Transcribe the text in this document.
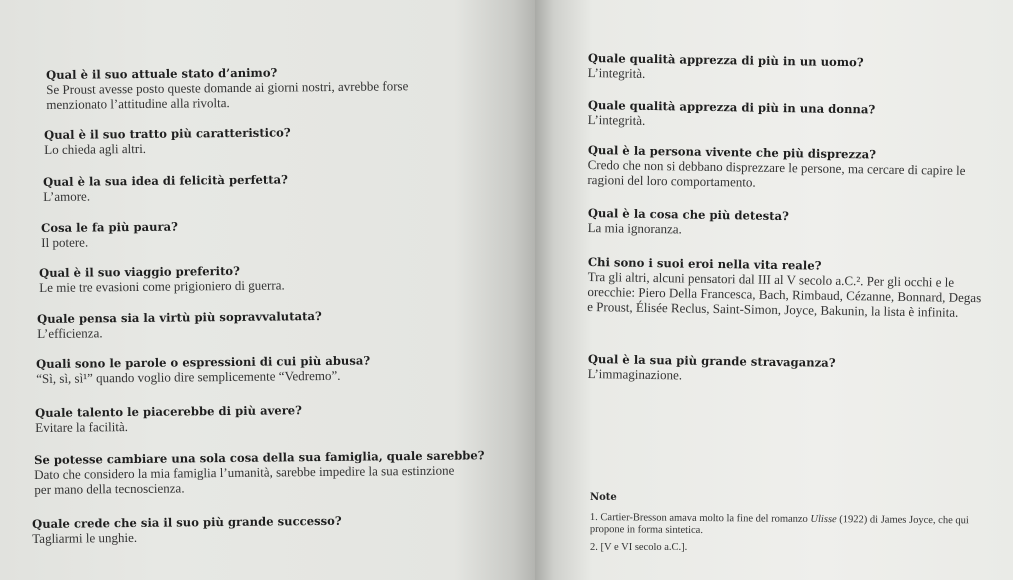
Qual è il suo attuale stato d’animo?
Se Proust avesse posto queste domande ai giorni nostri, avrebbe forse menzionato l’attitudine alla rivolta.
Qual è il suo tratto più caratteristico?
Lo chieda agli altri.
Qual è la sua idea di felicità perfetta?
L’amore.
Cosa le fa più paura?
Il potere.
Qual è il suo viaggio preferito?
Le mie tre evasioni come prigioniero di guerra.
Quale pensa sia la virtù più sopravvalutata?
L’efficienza.
Quali sono le parole o espressioni di cui più abusa?
“Sì, sì, sì¹” quando voglio dire semplicemente “Vedremo”.
Quale talento le piacerebbe di più avere?
Evitare la facilità.
Se potesse cambiare una sola cosa della sua famiglia, quale sarebbe?
Dato che considero la mia famiglia l’umanità, sarebbe impedire la sua estinzione per mano della tecnoscienza.
Quale crede che sia il suo più grande successo?
Tagliarmi le unghie.
Quale qualità apprezza di più in un uomo?
L’integrità.
Quale qualità apprezza di più in una donna?
L’integrità.
Qual è la persona vivente che più disprezza?
Credo che non si debbano disprezzare le persone, ma cercare di capire le ragioni del loro comportamento.
Qual è la cosa che più detesta?
La mia ignoranza.
Chi sono i suoi eroi nella vita reale?
Tra gli altri, alcuni pensatori dal III al V secolo a.C.². Per gli occhi e le orecchie: Piero Della Francesca, Bach, Rimbaud, Cézanne, Bonnard, Degas e Proust, Élisée Reclus, Saint-Simon, Joyce, Bakunin, la lista è infinita.
Qual è la sua più grande stravaganza?
L’immaginazione.
Note
1. Cartier-Bresson amava molto la fine del romanzo Ulisse (1922) di James Joyce, che qui propone in forma sintetica.
2. [V e VI secolo a.C.].
